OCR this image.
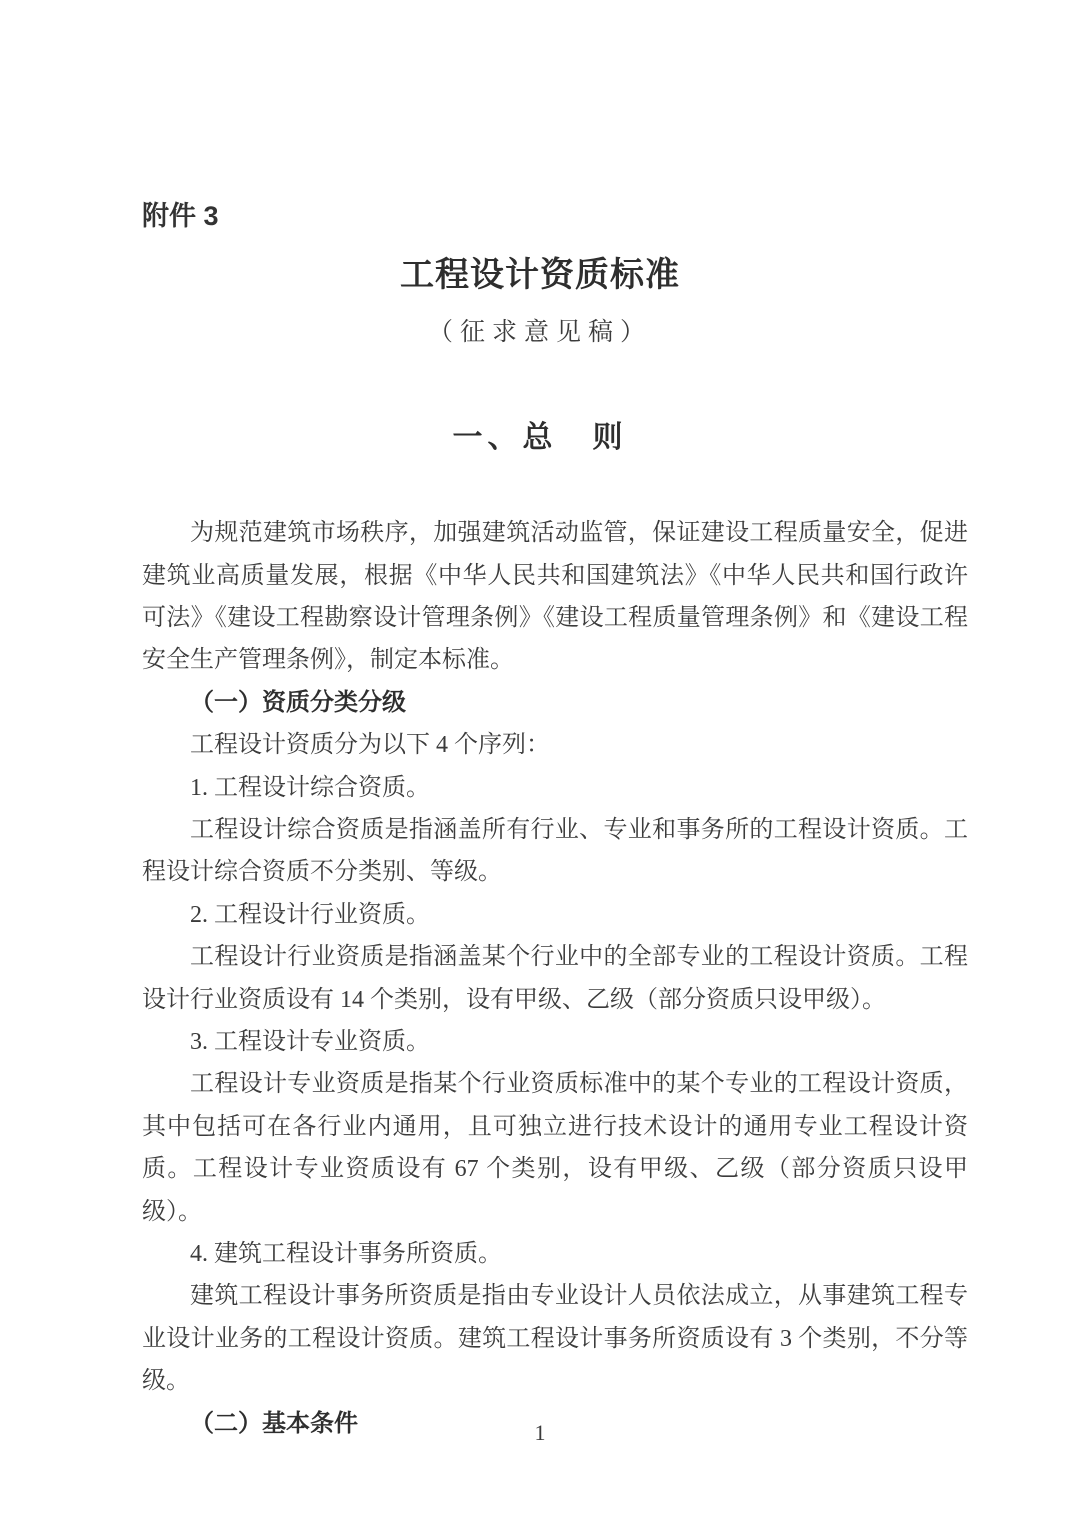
附件 3
工程设计资质标准
（征求意见稿）
一、总　则

为规范建筑市场秩序，加强建筑活动监管，保证建设工程质量安全，促进建筑业高质量发展，根据《中华人民共和国建筑法》《中华人民共和国行政许可法》《建设工程勘察设计管理条例》《建设工程质量管理条例》和《建设工程安全生产管理条例》，制定本标准。

（一）资质分类分级

工程设计资质分为以下 4 个序列：

1. 工程设计综合资质。

工程设计综合资质是指涵盖所有行业、专业和事务所的工程设计资质。工程设计综合资质不分类别、等级。

2. 工程设计行业资质。

工程设计行业资质是指涵盖某个行业中的全部专业的工程设计资质。工程设计行业资质设有 14 个类别，设有甲级、乙级（部分资质只设甲级）。

3. 工程设计专业资质。

工程设计专业资质是指某个行业资质标准中的某个专业的工程设计资质，其中包括可在各行业内通用，且可独立进行技术设计的通用专业工程设计资质。工程设计专业资质设有 67 个类别，设有甲级、乙级（部分资质只设甲级）。

4. 建筑工程设计事务所资质。

建筑工程设计事务所资质是指由专业设计人员依法成立，从事建筑工程专业设计业务的工程设计资质。建筑工程设计事务所资质设有 3 个类别，不分等级。

（二）基本条件	1
